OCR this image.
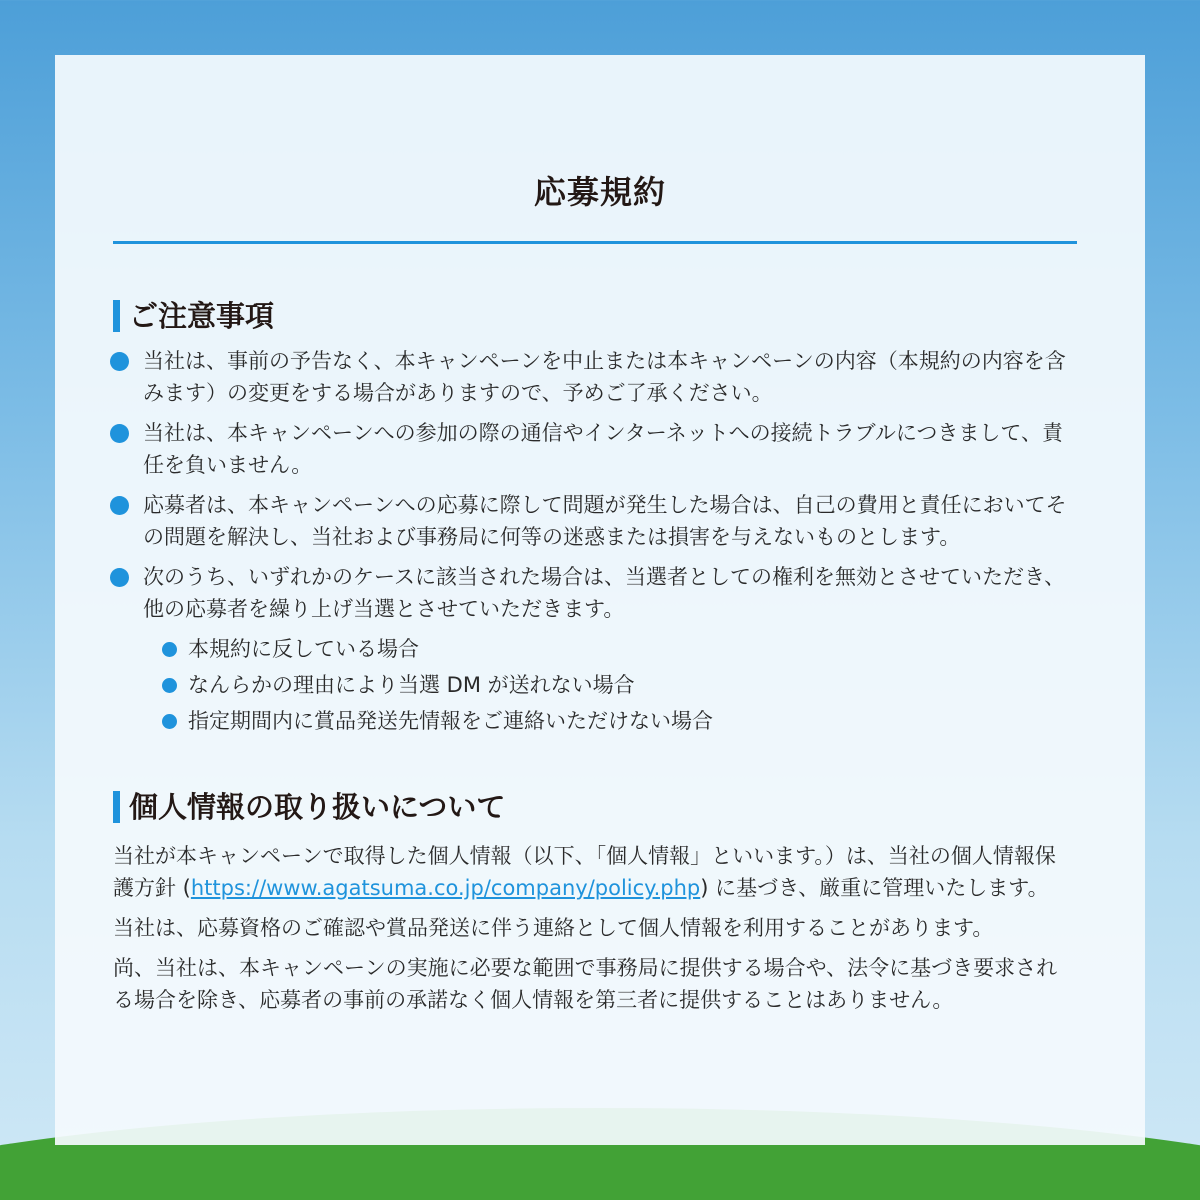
応募規約
ご注意事項
当社は、事前の予告なく、本キャンペーンを中止または本キャンペーンの内容（本規約の内容を含みます）の変更をする場合がありますので、予めご了承ください。
当社は、本キャンペーンへの参加の際の通信やインターネットへの接続トラブルにつきまして、責任を負いません。
応募者は、本キャンペーンへの応募に際して問題が発生した場合は、自己の費用と責任においてその問題を解決し、当社および事務局に何等の迷惑または損害を与えないものとします。
次のうち、いずれかのケースに該当された場合は、当選者としての権利を無効とさせていただき、他の応募者を繰り上げ当選とさせていただきます。
本規約に反している場合
なんらかの理由により当選 DM が送れない場合
指定期間内に賞品発送先情報をご連絡いただけない場合
個人情報の取り扱いについて

当社が本キャンペーンで取得した個人情報（以下、「個人情報」といいます。）は、当社の個人情報保護方針 (https://www.agatsuma.co.jp/company/policy.php) に基づき、厳重に管理いたします。

当社は、応募資格のご確認や賞品発送に伴う連絡として個人情報を利用することがあります。

尚、当社は、本キャンペーンの実施に必要な範囲で事務局に提供する場合や、法令に基づき要求される場合を除き、応募者の事前の承諾なく個人情報を第三者に提供することはありません。
